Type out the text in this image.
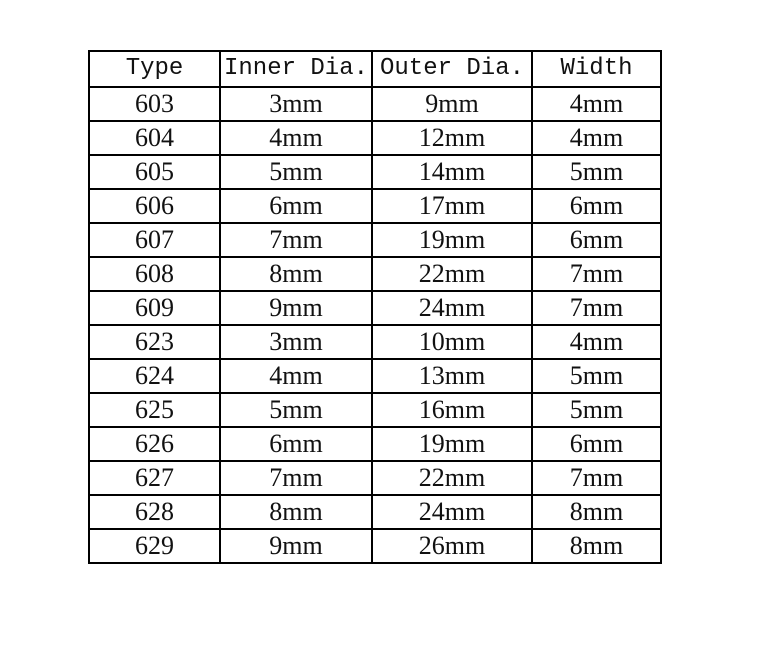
Type	Inner Dia.	Outer Dia.	Width
603	3mm	9mm	4mm
604	4mm	12mm	4mm
605	5mm	14mm	5mm
606	6mm	17mm	6mm
607	7mm	19mm	6mm
608	8mm	22mm	7mm
609	9mm	24mm	7mm
623	3mm	10mm	4mm
624	4mm	13mm	5mm
625	5mm	16mm	5mm
626	6mm	19mm	6mm
627	7mm	22mm	7mm
628	8mm	24mm	8mm
629	9mm	26mm	8mm
